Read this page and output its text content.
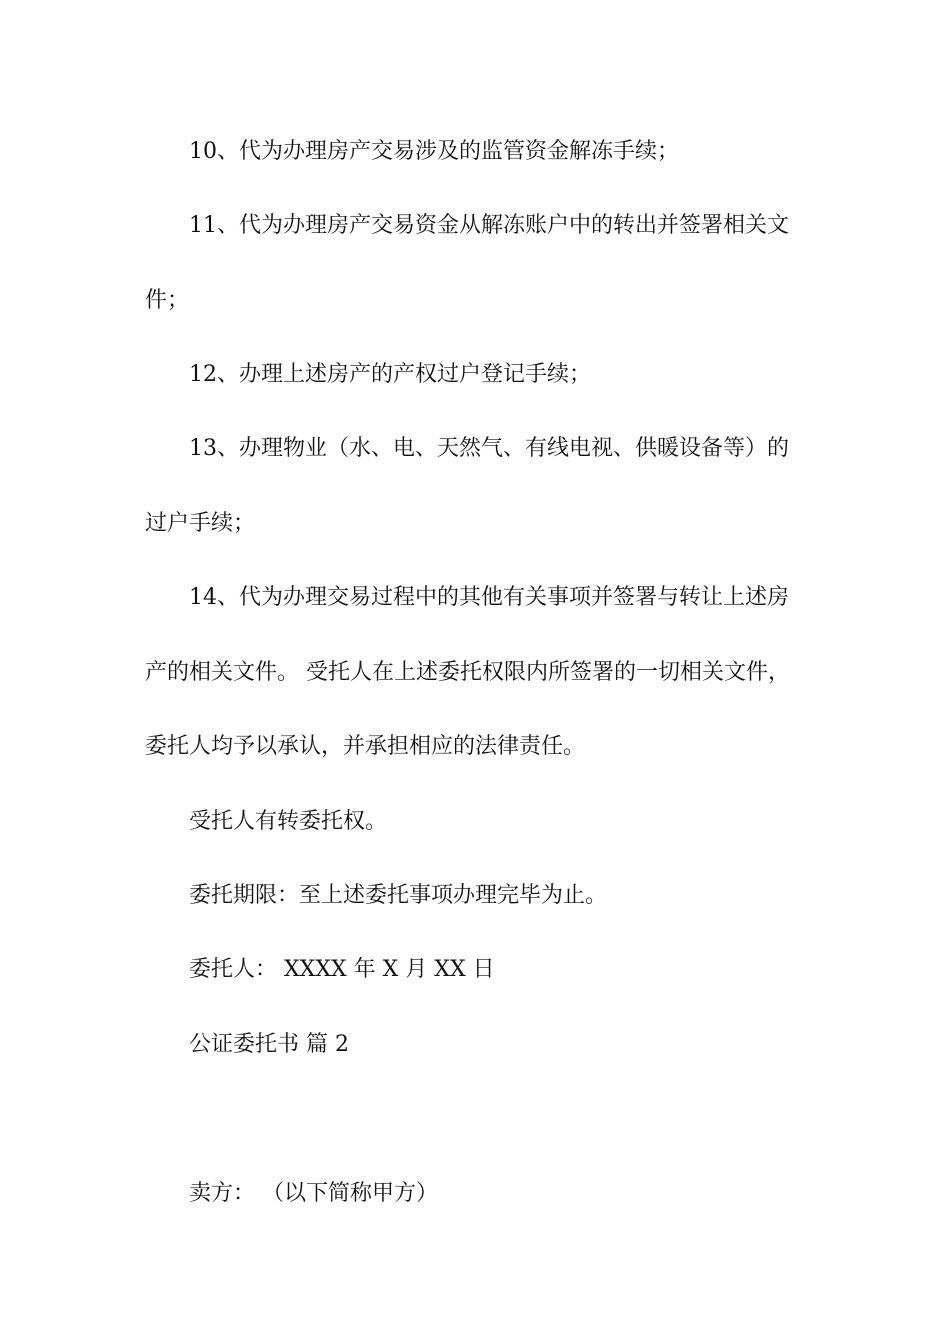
10、代为办理房产交易涉及的监管资金解冻手续；
11、代为办理房产交易资金从解冻账户中的转出并签署相关文
件；
12、办理上述房产的产权过户登记手续；
13、办理物业（水、电、天然气、有线电视、供暖设备等）的
过户手续；
14、代为办理交易过程中的其他有关事项并签署与转让上述房
产的相关文件。 受托人在上述委托权限内所签署的一切相关文件，
委托人均予以承认，并承担相应的法律责任。
受托人有转委托权。
委托期限：至上述委托事项办理完毕为止。
委托人： XXXX 年 X 月 XX 日
公证委托书 篇 2
卖方： （以下简称甲方）
